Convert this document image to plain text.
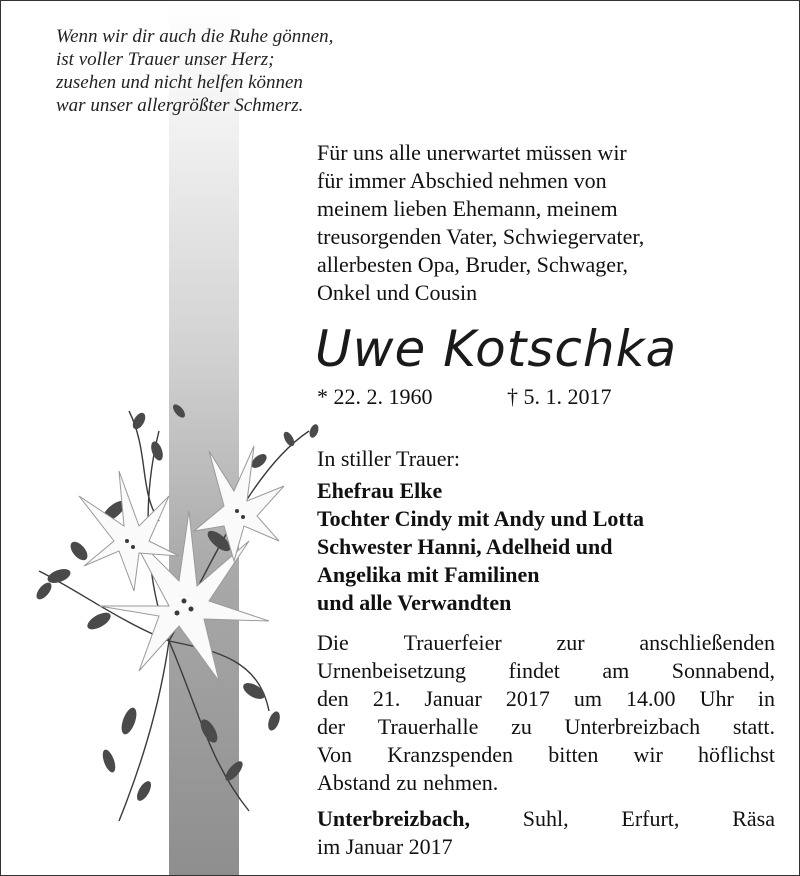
Wenn wir dir auch die Ruhe gönnen,
ist voller Trauer unser Herz;
zusehen und nicht helfen können
war unser allergrößter Schmerz.
Für uns alle unerwartet müssen wir
für immer Abschied nehmen von
meinem lieben Ehemann, meinem
treusorgenden Vater, Schwiegervater,
allerbesten Opa, Bruder, Schwager,
Onkel und Cousin
Uwe Kotschka
* 22. 2. 1960	† 5. 1. 2017
In stiller Trauer:
Ehefrau Elke
Tochter Cindy mit Andy und Lotta
Schwester Hanni, Adelheid und
Angelika mit Familinen
und alle Verwandten
Die Trauerfeier zur anschließenden
Urnenbeisetzung findet am Sonnabend,
den 21. Januar 2017 um 14.00 Uhr in
der Trauerhalle zu Unterbreizbach statt.
Von Kranzspenden bitten wir höflichst
Abstand zu nehmen.
Unterbreizbach, Suhl, Erfurt, Räsa
im Januar 2017
